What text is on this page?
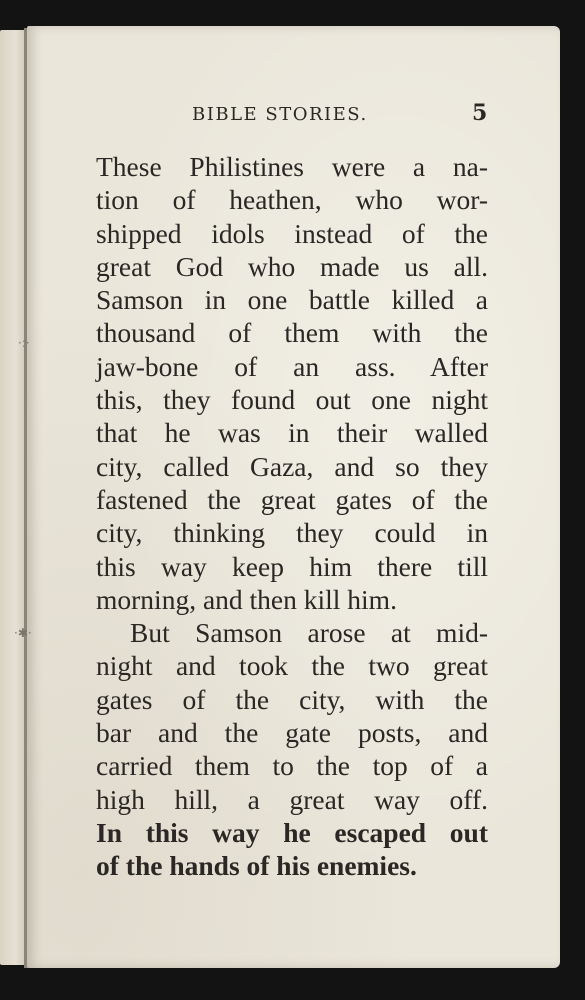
·:·
·✱·
BIBLE STORIES.	5
These Philistines were a na-
tion of heathen, who wor-
shipped idols instead of the
great God who made us all.
Samson in one battle killed a
thousand of them with the
jaw-bone of an ass. After
this, they found out one night
that he was in their walled
city, called Gaza, and so they
fastened the great gates of the
city, thinking they could in
this way keep him there till
morning, and then kill him.
But Samson arose at mid-
night and took the two great
gates of the city, with the
bar and the gate posts, and
carried them to the top of a
high hill, a great way off.
In this way he escaped out
of the hands of his enemies.
